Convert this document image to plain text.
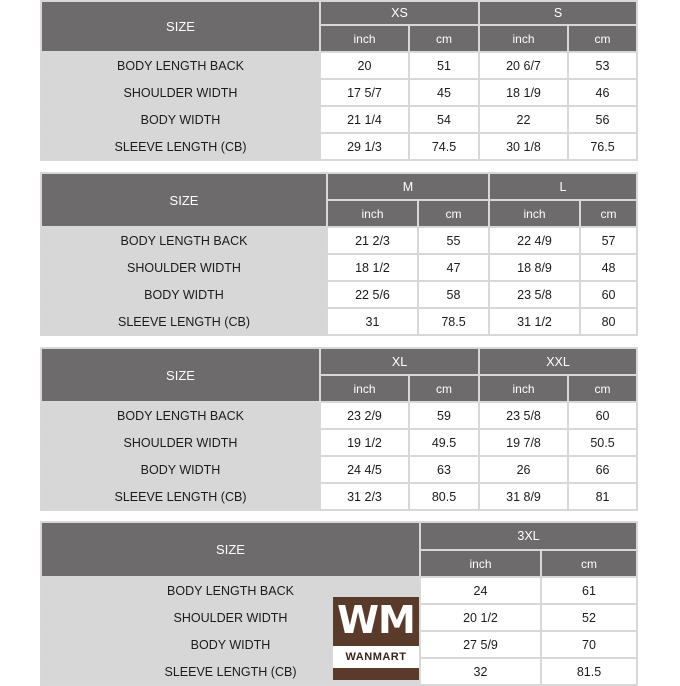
SIZE	XS		S	
	inch	cm	inch	cm
BODY LENGTH BACK	20	51	20 6/7	53
SHOULDER WIDTH	17 5/7	45	18 1/9	46
BODY WIDTH	21 1/4	54	22	56
SLEEVE LENGTH (CB)	29 1/3	74.5	30 1/8	76.5
SIZE	M		L	
	inch	cm	inch	cm
BODY LENGTH BACK	21 2/3	55	22 4/9	57
SHOULDER WIDTH	18 1/2	47	18 8/9	48
BODY WIDTH	22 5/6	58	23 5/8	60
SLEEVE LENGTH (CB)	31	78.5	31 1/2	80
SIZE	XL		XXL	
	inch	cm	inch	cm
BODY LENGTH BACK	23 2/9	59	23 5/8	60
SHOULDER WIDTH	19 1/2	49.5	19 7/8	50.5
BODY WIDTH	24 4/5	63	26	66
SLEEVE LENGTH (CB)	31 2/3	80.5	31 8/9	81
SIZE	3XL	
	inch	cm
BODY LENGTH BACK	24	61
SHOULDER WIDTH	20 1/2	52
BODY WIDTH	27 5/9	70
SLEEVE LENGTH (CB)	32	81.5
WM
WANMART
